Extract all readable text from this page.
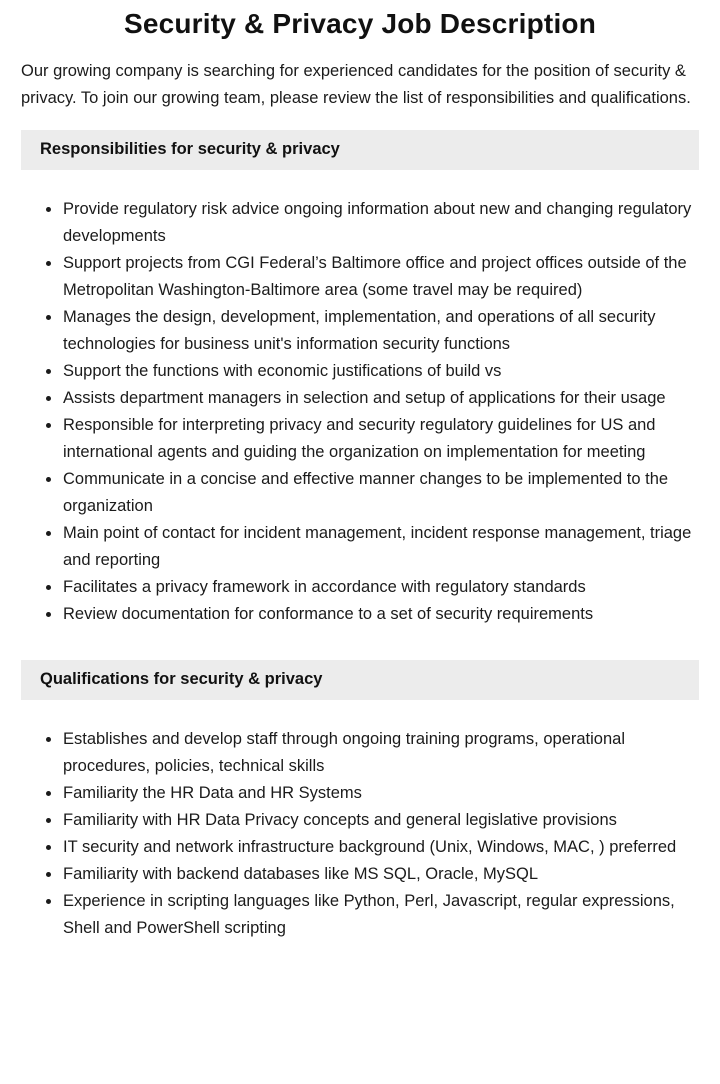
Security & Privacy Job Description

Our growing company is searching for experienced candidates for the position of security & privacy. To join our growing team, please review the list of responsibilities and qualifications.

Responsibilities for security & privacy
• Provide regulatory risk advice ongoing information about new and changing regulatory developments
• Support projects from CGI Federal’s Baltimore office and project offices outside of the Metropolitan Washington-Baltimore area (some travel may be required)
• Manages the design, development, implementation, and operations of all security technologies for business unit's information security functions
• Support the functions with economic justifications of build vs
• Assists department managers in selection and setup of applications for their usage
• Responsible for interpreting privacy and security regulatory guidelines for US and international agents and guiding the organization on implementation for meeting
• Communicate in a concise and effective manner changes to be implemented to the organization
• Main point of contact for incident management, incident response management, triage and reporting
• Facilitates a privacy framework in accordance with regulatory standards
• Review documentation for conformance to a set of security requirements
Qualifications for security & privacy
• Establishes and develop staff through ongoing training programs, operational procedures, policies, technical skills
• Familiarity the HR Data and HR Systems
• Familiarity with HR Data Privacy concepts and general legislative provisions
• IT security and network infrastructure background (Unix, Windows, MAC, ) preferred
• Familiarity with backend databases like MS SQL, Oracle, MySQL
• Experience in scripting languages like Python, Perl, Javascript, regular expressions, Shell and PowerShell scripting
